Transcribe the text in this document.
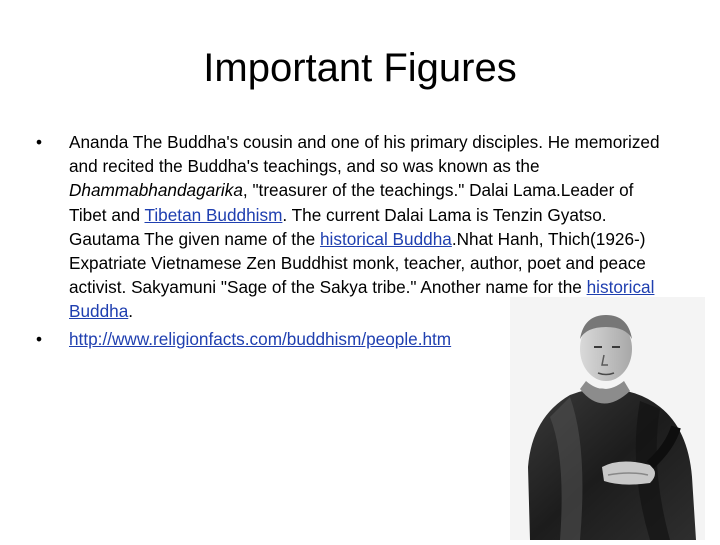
Important Figures
•	Ananda The Buddha's cousin and one of his primary disciples. He memorized and recited the Buddha's teachings, and so was known as the Dhammabhandagarika, "treasurer of the teachings." Dalai Lama.Leader of Tibet and Tibetan Buddhism. The current Dalai Lama is Tenzin Gyatso. Gautama The given name of the historical Buddha.Nhat Hanh, Thich(1926-) Expatriate Vietnamese Zen Buddhist monk, teacher, author, poet and peace activist. Sakyamuni "Sage of the Sakya tribe." Another name for the historical Buddha.
•	http://www.religionfacts.com/buddhism/people.htm
